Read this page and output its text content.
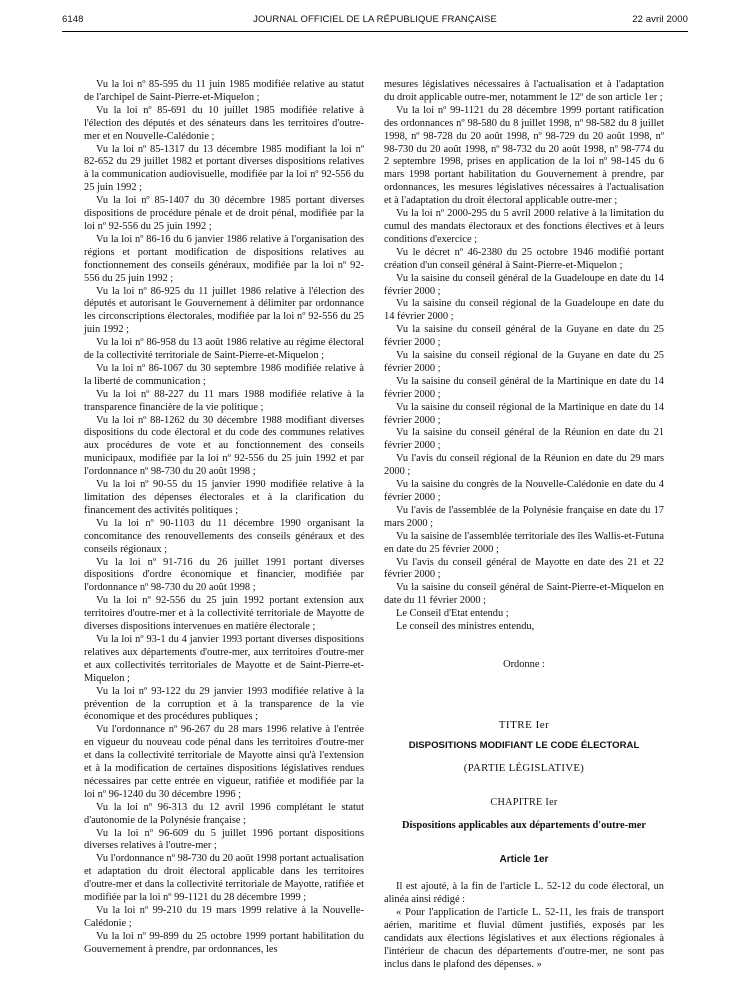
6148	JOURNAL OFFICIEL DE LA RÉPUBLIQUE FRANÇAISE	22 avril 2000

Vu la loi nº 85-595 du 11 juin 1985 modifiée relative au statut de l'archipel de Saint-Pierre-et-Miquelon ;

Vu la loi nº 85-691 du 10 juillet 1985 modifiée relative à l'élection des députés et des sénateurs dans les territoires d'outre-mer et en Nouvelle-Calédonie ;

Vu la loi nº 85-1317 du 13 décembre 1985 modifiant la loi nº 82-652 du 29 juillet 1982 et portant diverses dispositions relatives à la communication audiovisuelle, modifiée par la loi nº 92-556 du 25 juin 1992 ;

Vu la loi nº 85-1407 du 30 décembre 1985 portant diverses dispositions de procédure pénale et de droit pénal, modifiée par la loi nº 92-556 du 25 juin 1992 ;

Vu la loi nº 86-16 du 6 janvier 1986 relative à l'organisation des régions et portant modification de dispositions relatives au fonctionnement des conseils généraux, modifiée par la loi nº 92-556 du 25 juin 1992 ;

Vu la loi nº 86-925 du 11 juillet 1986 relative à l'élection des députés et autorisant le Gouvernement à délimiter par ordonnance les circonscriptions électorales, modifiée par la loi nº 92-556 du 25 juin 1992 ;

Vu la loi nº 86-958 du 13 août 1986 relative au régime électoral de la collectivité territoriale de Saint-Pierre-et-Miquelon ;

Vu la loi nº 86-1067 du 30 septembre 1986 modifiée relative à la liberté de communication ;

Vu la loi nº 88-227 du 11 mars 1988 modifiée relative à la transparence financière de la vie politique ;

Vu la loi nº 88-1262 du 30 décembre 1988 modifiant diverses dispositions du code électoral et du code des communes relatives aux procédures de vote et au fonctionnement des conseils municipaux, modifiée par la loi nº 92-556 du 25 juin 1992 et par l'ordonnance nº 98-730 du 20 août 1998 ;

Vu la loi nº 90-55 du 15 janvier 1990 modifiée relative à la limitation des dépenses électorales et à la clarification du financement des activités politiques ;

Vu la loi nº 90-1103 du 11 décembre 1990 organisant la concomitance des renouvellements des conseils généraux et des conseils régionaux ;

Vu la loi nº 91-716 du 26 juillet 1991 portant diverses dispositions d'ordre économique et financier, modifiée par l'ordonnance nº 98-730 du 20 août 1998 ;

Vu la loi nº 92-556 du 25 juin 1992 portant extension aux territoires d'outre-mer et à la collectivité territoriale de Mayotte de diverses dispositions intervenues en matière électorale ;

Vu la loi nº 93-1 du 4 janvier 1993 portant diverses dispositions relatives aux départements d'outre-mer, aux territoires d'outre-mer et aux collectivités territoriales de Mayotte et de Saint-Pierre-et-Miquelon ;

Vu la loi nº 93-122 du 29 janvier 1993 modifiée relative à la prévention de la corruption et à la transparence de la vie économique et des procédures publiques ;

Vu l'ordonnance nº 96-267 du 28 mars 1996 relative à l'entrée en vigueur du nouveau code pénal dans les territoires d'outre-mer et dans la collectivité territoriale de Mayotte ainsi qu'à l'extension et à la modification de certaines dispositions législatives rendues nécessaires par cette entrée en vigueur, ratifiée et modifiée par la loi nº 96-1240 du 30 décembre 1996 ;

Vu la loi nº 96-313 du 12 avril 1996 complétant le statut d'autonomie de la Polynésie française ;

Vu la loi nº 96-609 du 5 juillet 1996 portant dispositions diverses relatives à l'outre-mer ;

Vu l'ordonnance nº 98-730 du 20 août 1998 portant actualisation et adaptation du droit électoral applicable dans les territoires d'outre-mer et dans la collectivité territoriale de Mayotte, ratifiée et modifiée par la loi nº 99-1121 du 28 décembre 1999 ;

Vu la loi nº 99-210 du 19 mars 1999 relative à la Nouvelle-Calédonie ;

Vu la loi nº 99-899 du 25 octobre 1999 portant habilitation du Gouvernement à prendre, par ordonnances, les

mesures législatives nécessaires à l'actualisation et à l'adaptation du droit applicable outre-mer, notamment le 12º de son article 1er ;

Vu la loi nº 99-1121 du 28 décembre 1999 portant ratification des ordonnances nº 98-580 du 8 juillet 1998, nº 98-582 du 8 juillet 1998, nº 98-728 du 20 août 1998, nº 98-729 du 20 août 1998, nº 98-730 du 20 août 1998, nº 98-732 du 20 août 1998, nº 98-774 du 2 septembre 1998, prises en application de la loi nº 98-145 du 6 mars 1998 portant habilitation du Gouvernement à prendre, par ordonnances, les mesures législatives nécessaires à l'actualisation et à l'adaptation du droit électoral applicable outre-mer ;

Vu la loi nº 2000-295 du 5 avril 2000 relative à la limitation du cumul des mandats électoraux et des fonctions électives et à leurs conditions d'exercice ;

Vu le décret nº 46-2380 du 25 octobre 1946 modifié portant création d'un conseil général à Saint-Pierre-et-Miquelon ;

Vu la saisine du conseil général de la Guadeloupe en date du 14 février 2000 ;

Vu la saisine du conseil régional de la Guadeloupe en date du 14 février 2000 ;

Vu la saisine du conseil général de la Guyane en date du 25 février 2000 ;

Vu la saisine du conseil régional de la Guyane en date du 25 février 2000 ;

Vu la saisine du conseil général de la Martinique en date du 14 février 2000 ;

Vu la saisine du conseil régional de la Martinique en date du 14 février 2000 ;

Vu la saisine du conseil général de la Réunion en date du 21 février 2000 ;

Vu l'avis du conseil régional de la Réunion en date du 29 mars 2000 ;

Vu la saisine du congrès de la Nouvelle-Calédonie en date du 4 février 2000 ;

Vu l'avis de l'assemblée de la Polynésie française en date du 17 mars 2000 ;

Vu la saisine de l'assemblée territoriale des îles Wallis-et-Futuna en date du 25 février 2000 ;

Vu l'avis du conseil général de Mayotte en date des 21 et 22 février 2000 ;

Vu la saisine du conseil général de Saint-Pierre-et-Miquelon en date du 11 février 2000 ;

Le Conseil d'Etat entendu ;

Le conseil des ministres entendu,

Ordonne :

TITRE Ier

DISPOSITIONS MODIFIANT LE CODE ÉLECTORAL

(PARTIE LÉGISLATIVE)

CHAPITRE Ier

Dispositions applicables aux départements d'outre-mer

Article 1er

Il est ajouté, à la fin de l'article L. 52-12 du code électoral, un alinéa ainsi rédigé :

« Pour l'application de l'article L. 52-11, les frais de transport aérien, maritime et fluvial dûment justifiés, exposés par les candidats aux élections législatives et aux élections régionales à l'intérieur de chacun des départements d'outre-mer, ne sont pas inclus dans le plafond des dépenses. »
